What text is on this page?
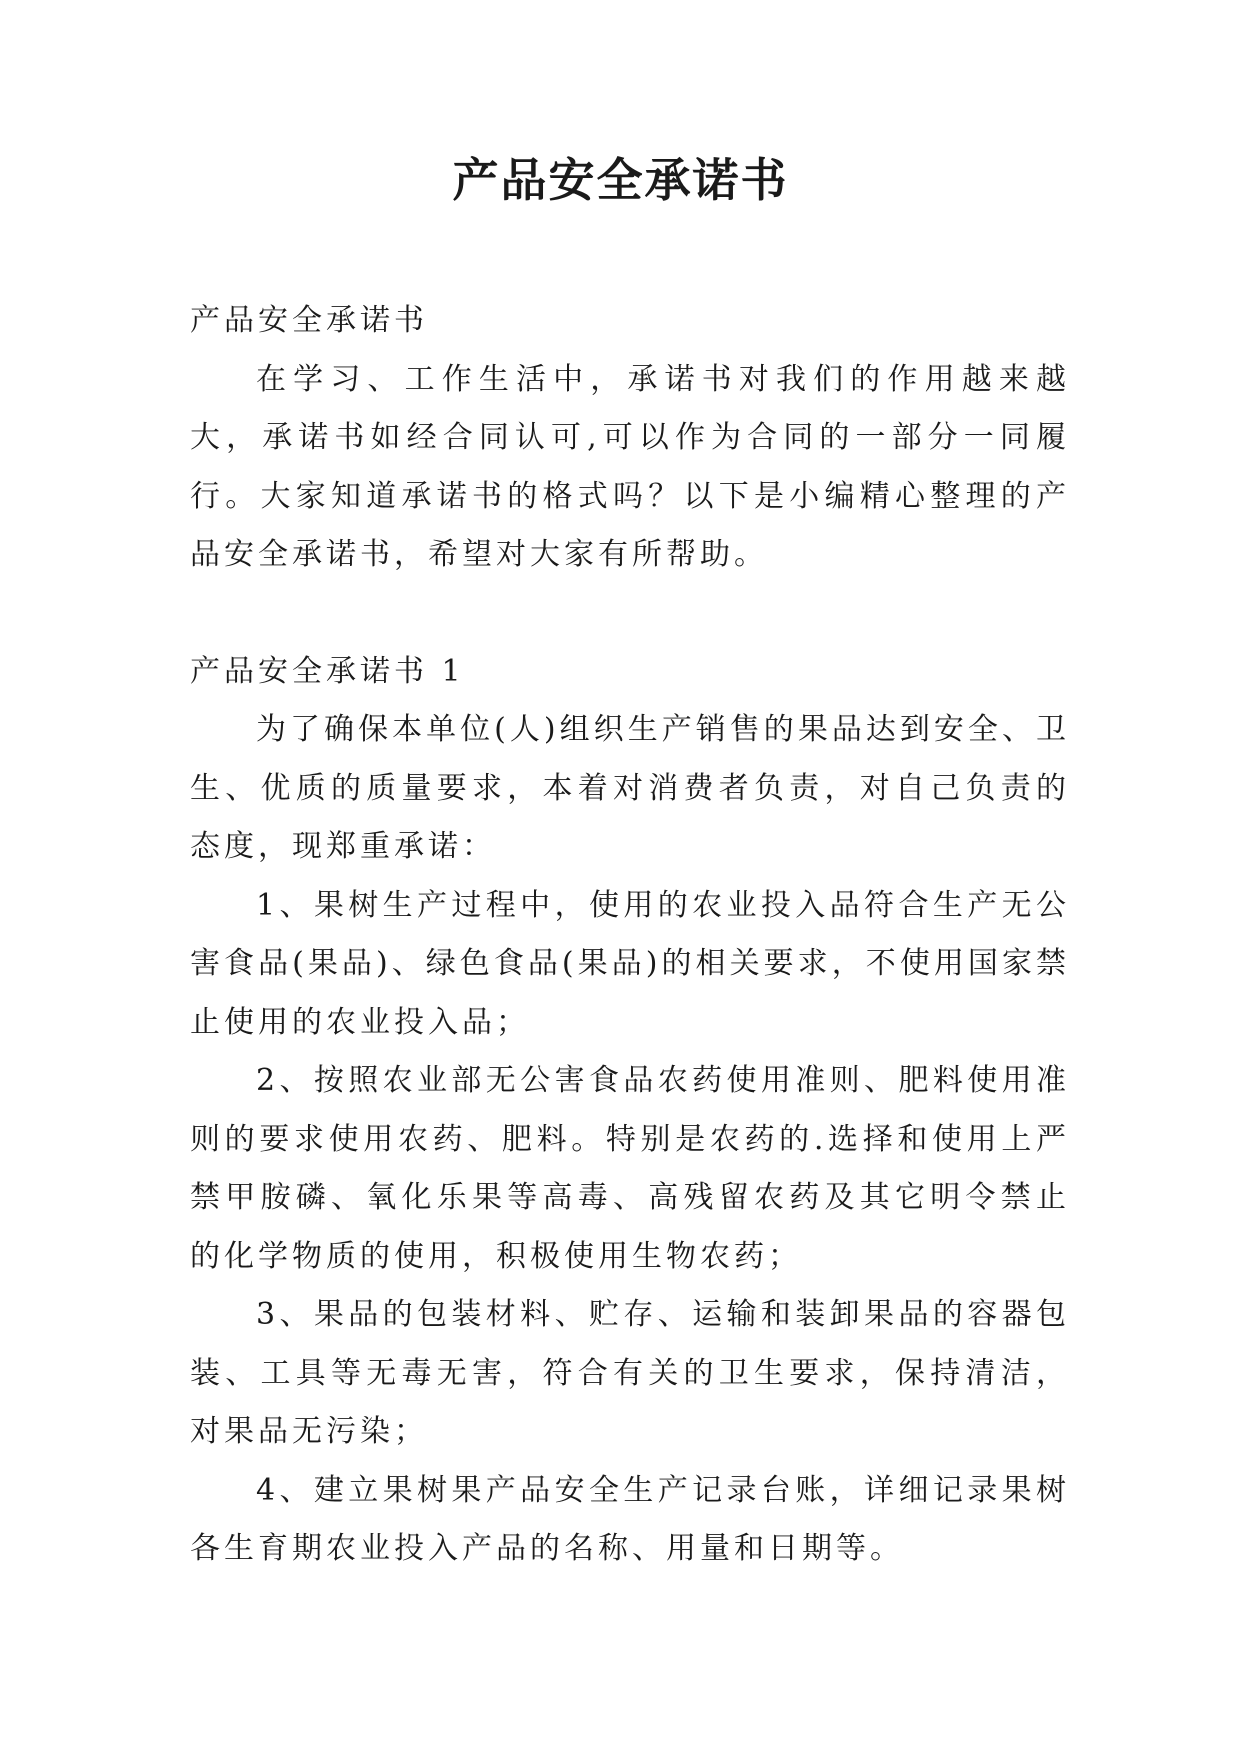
产品安全承诺书

产品安全承诺书

在学习、工作生活中，承诺书对我们的作用越来越大，承诺书如经合同认可,可以作为合同的一部分一同履行。大家知道承诺书的格式吗？以下是小编精心整理的产品安全承诺书，希望对大家有所帮助。

产品安全承诺书 1

为了确保本单位(人)组织生产销售的果品达到安全、卫生、优质的质量要求，本着对消费者负责，对自己负责的态度，现郑重承诺：

1、果树生产过程中，使用的农业投入品符合生产无公害食品(果品)、绿色食品(果品)的相关要求，不使用国家禁止使用的农业投入品；

2、按照农业部无公害食品农药使用准则、肥料使用准则的要求使用农药、肥料。特别是农药的.选择和使用上严禁甲胺磷、氧化乐果等高毒、高残留农药及其它明令禁止的化学物质的使用，积极使用生物农药；

3、果品的包装材料、贮存、运输和装卸果品的容器包装、工具等无毒无害，符合有关的卫生要求，保持清洁，对果品无污染；

4、建立果树果产品安全生产记录台账，详细记录果树各生育期农业投入产品的名称、用量和日期等。
